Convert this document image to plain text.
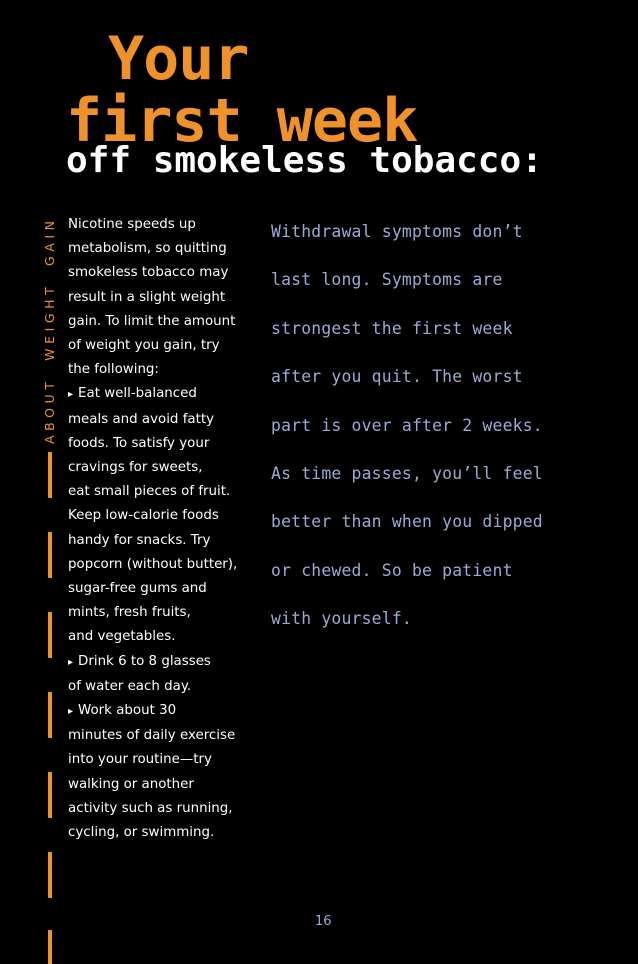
Your
first week
off smokeless tobacco:
ABOUT WEIGHT GAIN Nicotine speeds up

metabolism, so quitting

smokeless tobacco may

result in a slight weight

gain. To limit the amount

of weight you gain, try

the following:

▸ Eat well-balanced

meals and avoid fatty

foods. To satisfy your

cravings for sweets,

eat small pieces of fruit.

Keep low-calorie foods

handy for snacks. Try

popcorn (without butter),

sugar-free gums and

mints, fresh fruits,

and vegetables.

▸ Drink 6 to 8 glasses

of water each day.

▸ Work about 30

minutes of daily exercise

into your routine—try

walking or another

activity such as running,

cycling, or swimming.

Withdrawal symptoms don’t

last long. Symptoms are

strongest the first week

after you quit. The worst

part is over after 2 weeks.

As time passes, you’ll feel

better than when you dipped

or chewed. So be patient

with yourself.

16
